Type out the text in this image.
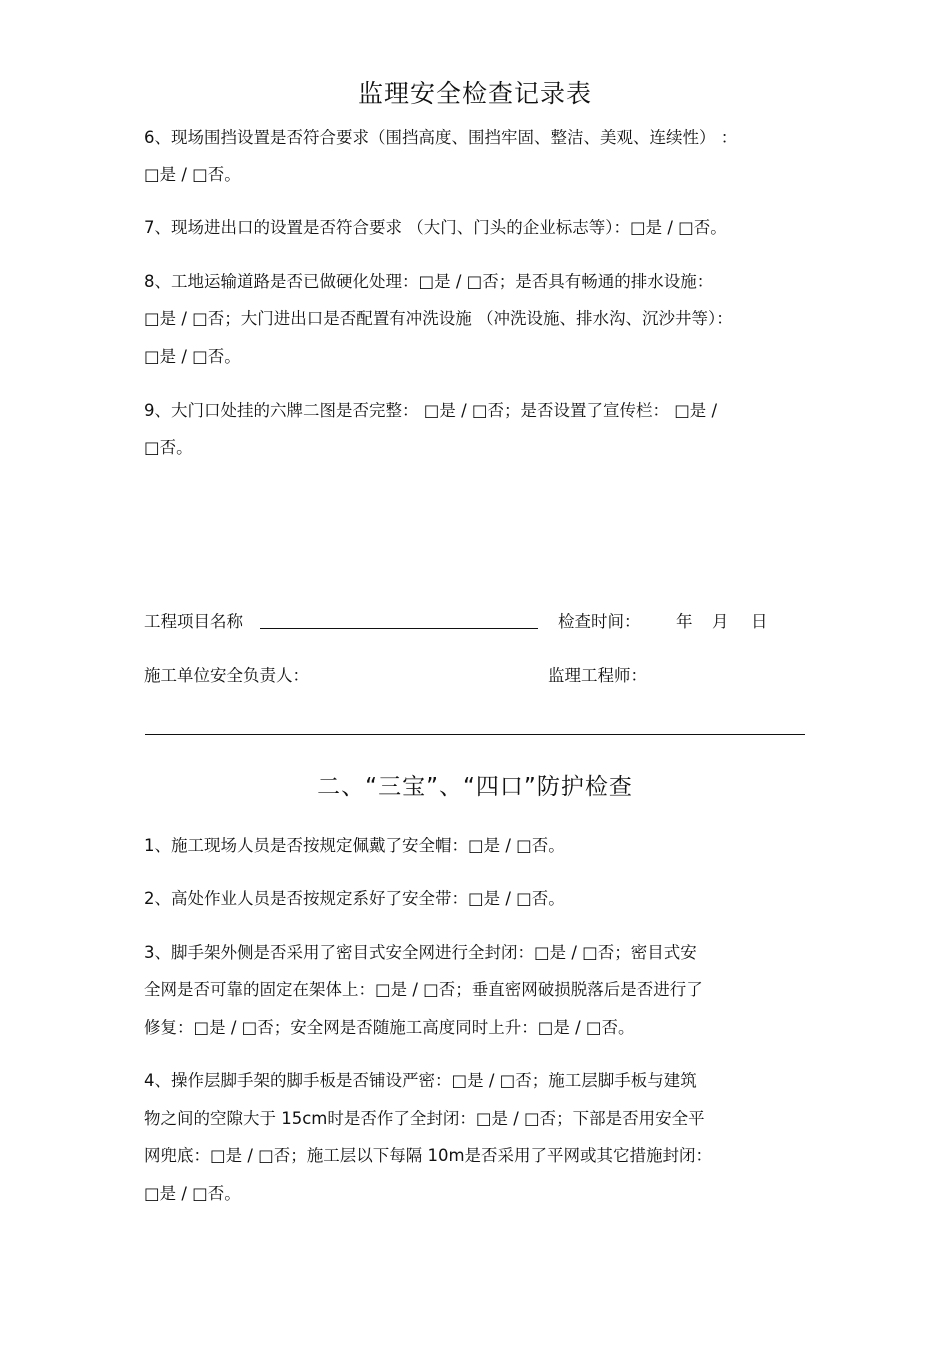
监理安全检查记录表
6、现场围挡设置是否符合要求（围挡高度、围挡牢固、整洁、美观、连续性） ：
□是 / □否。
7、现场进出口的设置是否符合要求 （大门、门头的企业标志等）：□是 / □否。
8、工地运输道路是否已做硬化处理：□是 / □否；是否具有畅通的排水设施：
□是 / □否；大门进出口是否配置有冲洗设施 （冲洗设施、排水沟、沉沙井等）：
□是 / □否。
9、大门口处挂的六牌二图是否完整： □是 / □否；是否设置了宣传栏： □是 /
□否。
工程项目名称	检查时间： 年 月 日
施工单位安全负责人：	监理工程师：
二、“三宝”、“四口”防护检查
1、施工现场人员是否按规定佩戴了安全帽：□是 / □否。
2、高处作业人员是否按规定系好了安全带：□是 / □否。
3、脚手架外侧是否采用了密目式安全网进行全封闭：□是 / □否；密目式安
全网是否可靠的固定在架体上：□是 / □否；垂直密网破损脱落后是否进行了
修复：□是 / □否；安全网是否随施工高度同时上升：□是 / □否。
4、操作层脚手架的脚手板是否铺设严密：□是 / □否；施工层脚手板与建筑
物之间的空隙大于 15cm时是否作了全封闭：□是 / □否；下部是否用安全平
网兜底：□是 / □否；施工层以下每隔 10m是否采用了平网或其它措施封闭：
□是 / □否。
